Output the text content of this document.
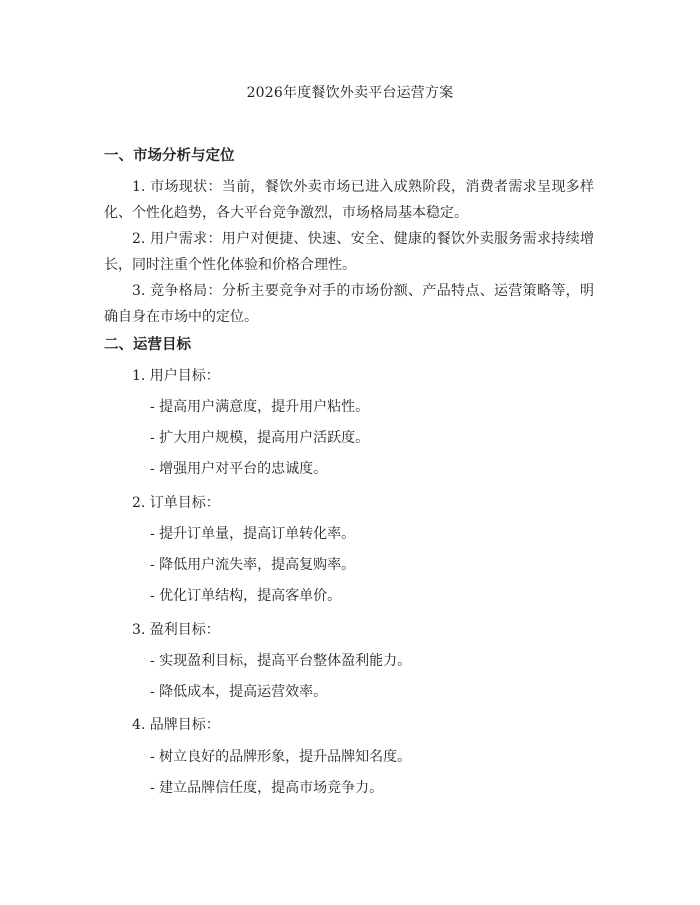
2026年度餐饮外卖平台运营方案
一、市场分析与定位
1. 市场现状：当前，餐饮外卖市场已进入成熟阶段，消费者需求呈现多样化、个性化趋势，各大平台竞争激烈，市场格局基本稳定。
2. 用户需求：用户对便捷、快速、安全、健康的餐饮外卖服务需求持续增长，同时注重个性化体验和价格合理性。
3. 竞争格局：分析主要竞争对手的市场份额、产品特点、运营策略等，明确自身在市场中的定位。
二、运营目标
1. 用户目标：
- 提高用户满意度，提升用户粘性。
- 扩大用户规模，提高用户活跃度。
- 增强用户对平台的忠诚度。
2. 订单目标：
- 提升订单量，提高订单转化率。
- 降低用户流失率，提高复购率。
- 优化订单结构，提高客单价。
3. 盈利目标：
- 实现盈利目标，提高平台整体盈利能力。
- 降低成本，提高运营效率。
4. 品牌目标：
- 树立良好的品牌形象，提升品牌知名度。
- 建立品牌信任度，提高市场竞争力。
